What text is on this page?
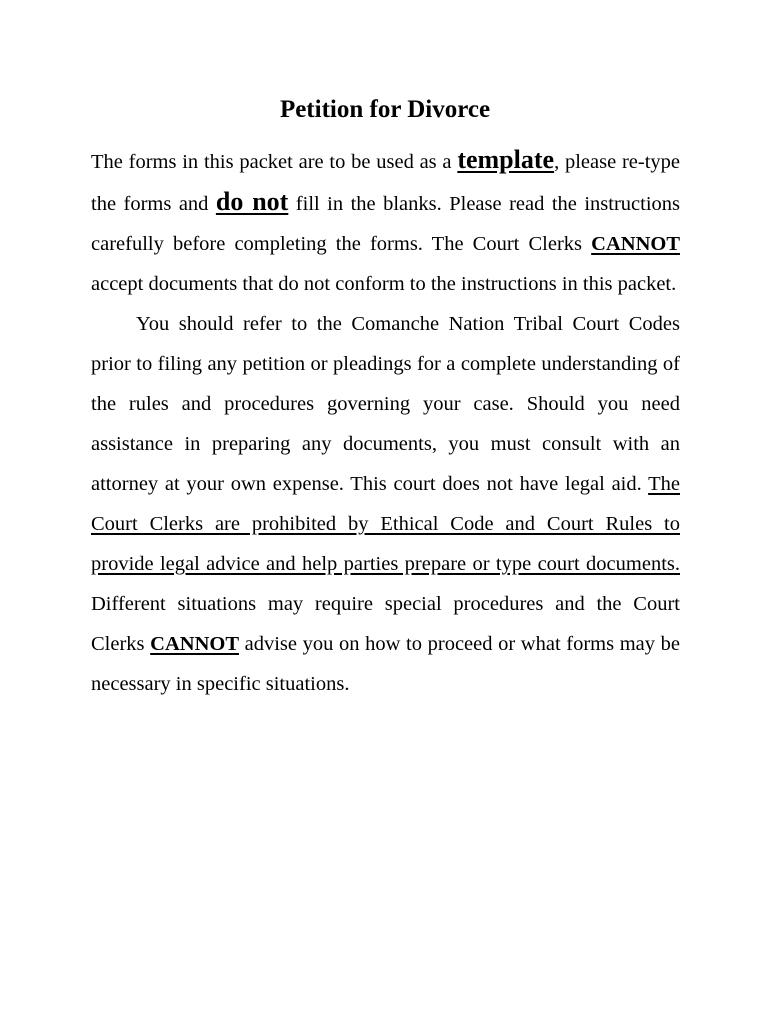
Petition for Divorce

The forms in this packet are to be used as a template, please re-type the forms and do not fill in the blanks. Please read the instructions carefully before completing the forms. The Court Clerks CANNOT accept documents that do not conform to the instructions in this packet.

You should refer to the Comanche Nation Tribal Court Codes prior to filing any petition or pleadings for a complete understanding of the rules and procedures governing your case. Should you need assistance in preparing any documents, you must consult with an attorney at your own expense. This court does not have legal aid. The Court Clerks are prohibited by Ethical Code and Court Rules to provide legal advice and help parties prepare or type court documents. Different situations may require special procedures and the Court Clerks CANNOT advise you on how to proceed or what forms may be necessary in specific situations.
